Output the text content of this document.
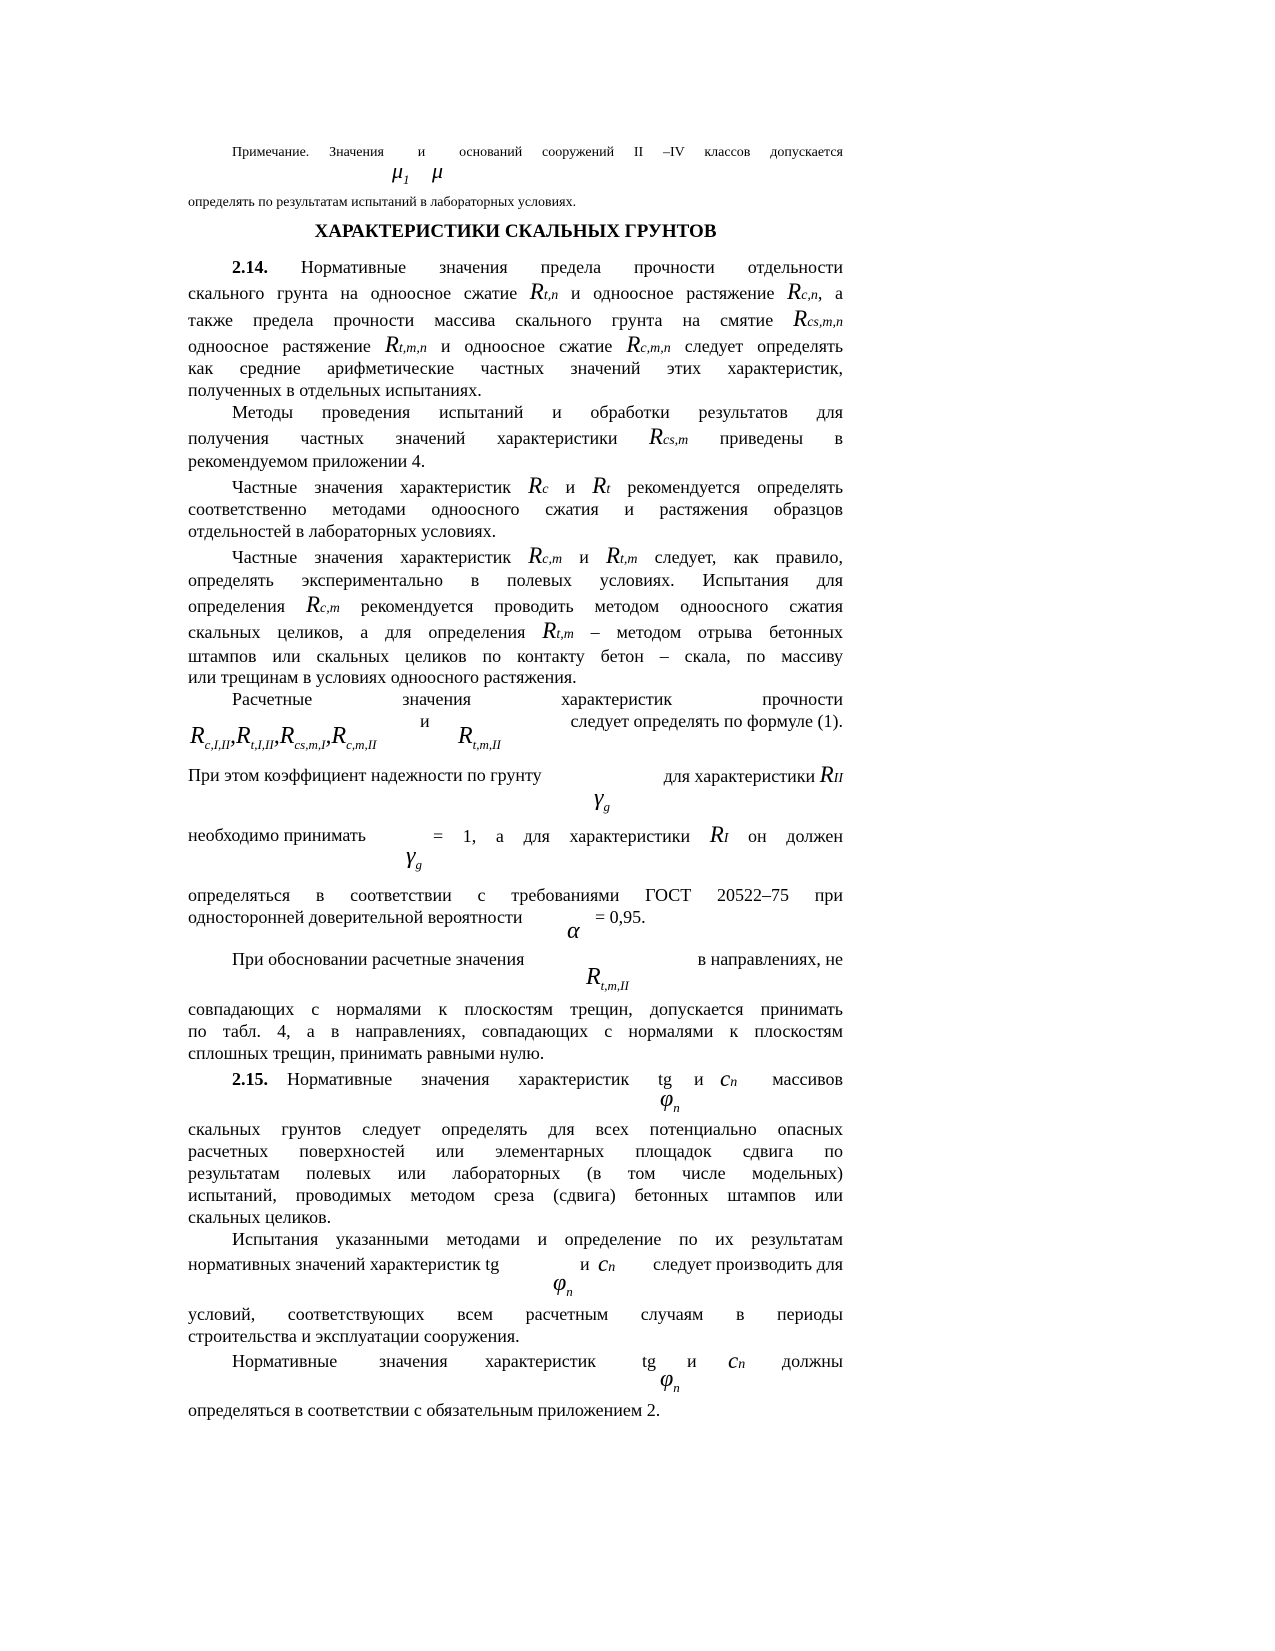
Примечание. Значения и оснований сооружений II –IV классов допускается
$\mu_1$ μ
определять по результатам испытаний в лабораторных условиях.
ХАРАКТЕРИСТИКИ СКАЛЬНЫХ ГРУНТОВ
2.14. Нормативные значения предела прочности отдельности
скального грунта на одноосное сжатие Rt,n и одноосное растяжение Rc,n, а
также предела прочности массива скального грунта на смятие Rcs,m,n
одноосное растяжение Rt,m,n и одноосное сжатие Rc,m,n следует определять
как средние арифметические частных значений этих характеристик,
полученных в отдельных испытаниях.
Методы проведения испытаний и обработки результатов для
получения частных значений характеристики Rcs,m приведены в
рекомендуемом приложении 4.
Частные значения характеристик Rc и Rt рекомендуется определять
соответственно методами одноосного сжатия и растяжения образцов
отдельностей в лабораторных условиях.
Частные значения характеристик Rc,m и Rt,m следует, как правило,
определять экспериментально в полевых условиях. Испытания для
определения Rc,m рекомендуется проводить методом одноосного сжатия
скальных целиков, а для определения Rt,m – методом отрыва бетонных
штампов или скальных целиков по контакту бетон – скала, по массиву
или трещинам в условиях одноосного растяжения.
Расчетные	значения	характеристик	прочности
и	следует определять по формуле (1).
$R_{c,I,II},R_{t,I,II},R_{cs,m,I},R_{c,m,II}$	$R_{t,m,II}$
При этом коэффициент надежности по грунту	для характеристики RII
$\gamma_g$
необходимо принимать	= 1, а для характеристики RI он должен
$\gamma_g$
определяться в соответствии с требованиями ГОСТ 20522–75 при
односторонней доверительной вероятности	= 0,95.
α
При обосновании расчетные значения	в направлениях, не
$R_{t,m,II}$
совпадающих с нормалями к плоскостям трещин, допускается принимать
по табл. 4, а в направлениях, совпадающих с нормалями к плоскостям
сплошных трещин, принимать равными нулю.
2.15. Нормативные значения характеристик tg и cn массивов
$\varphi_n$
скальных грунтов следует определять для всех потенциально опасных
расчетных поверхностей или элементарных площадок сдвига по
результатам полевых или лабораторных (в том числе модельных)
испытаний, проводимых методом среза (сдвига) бетонных штампов или
скальных целиков.
Испытания указанными методами и определение по их результатам
нормативных значений характеристик tg	и cn следует производить для
$\varphi_n$
условий, соответствующих всем расчетным случаям в периоды
строительства и эксплуатации сооружения.
Нормативные значения характеристик	tg и cn должны
$\varphi_n$
определяться в соответствии с обязательным приложением 2.
